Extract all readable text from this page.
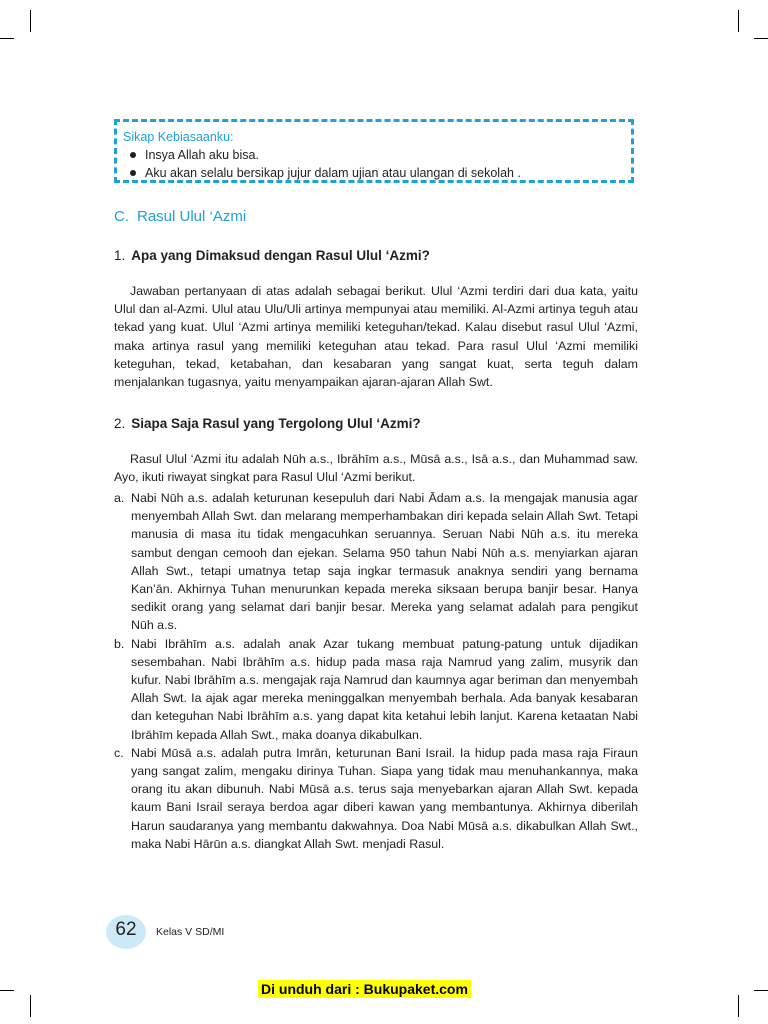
Sikap Kebiasaanku:
Insya Allah aku bisa.
Aku akan selalu bersikap jujur dalam ujian atau ulangan di sekolah .
C. Rasul Ulul ‘Azmi
1. Apa yang Dimaksud dengan Rasul Ulul ‘Azmi?

Jawaban pertanyaan di atas adalah sebagai berikut. Ulul ‘Azmi terdiri dari dua kata, yaitu Ulul dan al-Azmi. Ulul atau Ulu/Uli artinya mempunyai atau memiliki. Al-Azmi artinya teguh atau tekad yang kuat. Ulul ‘Azmi artinya memiliki keteguhan/tekad. Kalau disebut rasul Ulul ‘Azmi, maka artinya rasul yang memiliki keteguhan atau tekad. Para rasul Ulul ‘Azmi memiliki keteguhan, tekad, ketabahan, dan kesabaran yang sangat kuat, serta teguh dalam menjalankan tugasnya, yaitu menyampaikan ajaran-ajaran Allah Swt.

2. Siapa Saja Rasul yang Tergolong Ulul ‘Azmi?

Rasul Ulul ‘Azmi itu adalah Nūh a.s., Ibrāhīm a.s., Mūsā a.s., Isā a.s., dan Muhammad saw. Ayo, ikuti riwayat singkat para Rasul Ulul ‘Azmi berikut.

a. Nabi Nūh a.s. adalah keturunan kesepuluh dari Nabi Ādam a.s. Ia mengajak manusia agar menyembah Allah Swt. dan melarang memperhambakan diri kepada selain Allah Swt. Tetapi manusia di masa itu tidak mengacuhkan seruannya. Seruan Nabi Nūh a.s. itu mereka sambut dengan cemooh dan ejekan. Selama 950 tahun Nabi Nūh a.s. menyiarkan ajaran Allah Swt., tetapi umatnya tetap saja ingkar termasuk anaknya sendiri yang bernama Kan’ān. Akhirnya Tuhan menurunkan kepada mereka siksaan berupa banjir besar. Hanya sedikit orang yang selamat dari banjir besar. Mereka yang selamat adalah para pengikut Nūh a.s.
b. Nabi Ibrāhīm a.s. adalah anak Azar tukang membuat patung-patung untuk dijadikan sesembahan. Nabi Ibrāhīm a.s. hidup pada masa raja Namrud yang zalim, musyrik dan kufur. Nabi Ibrāhīm a.s. mengajak raja Namrud dan kaumnya agar beriman dan menyembah Allah Swt. Ia ajak agar mereka meninggalkan menyembah berhala. Ada banyak kesabaran dan keteguhan Nabi Ibrāhīm a.s. yang dapat kita ketahui lebih lanjut. Karena ketaatan Nabi Ibrāhīm kepada Allah Swt., maka doanya dikabulkan.
c. Nabi Mūsā a.s. adalah putra Imrān, keturunan Bani Israil. Ia hidup pada masa raja Firaun yang sangat zalim, mengaku dirinya Tuhan. Siapa yang tidak mau menuhankannya, maka orang itu akan dibunuh. Nabi Mūsā a.s. terus saja menyebarkan ajaran Allah Swt. kepada kaum Bani Israil seraya berdoa agar diberi kawan yang membantunya. Akhirnya diberilah Harun saudaranya yang membantu dakwahnya. Doa Nabi Mūsā a.s. dikabulkan Allah Swt., maka Nabi Hārūn a.s. diangkat Allah Swt. menjadi Rasul.
62	Kelas V SD/MI
Di unduh dari : Bukupaket.com
